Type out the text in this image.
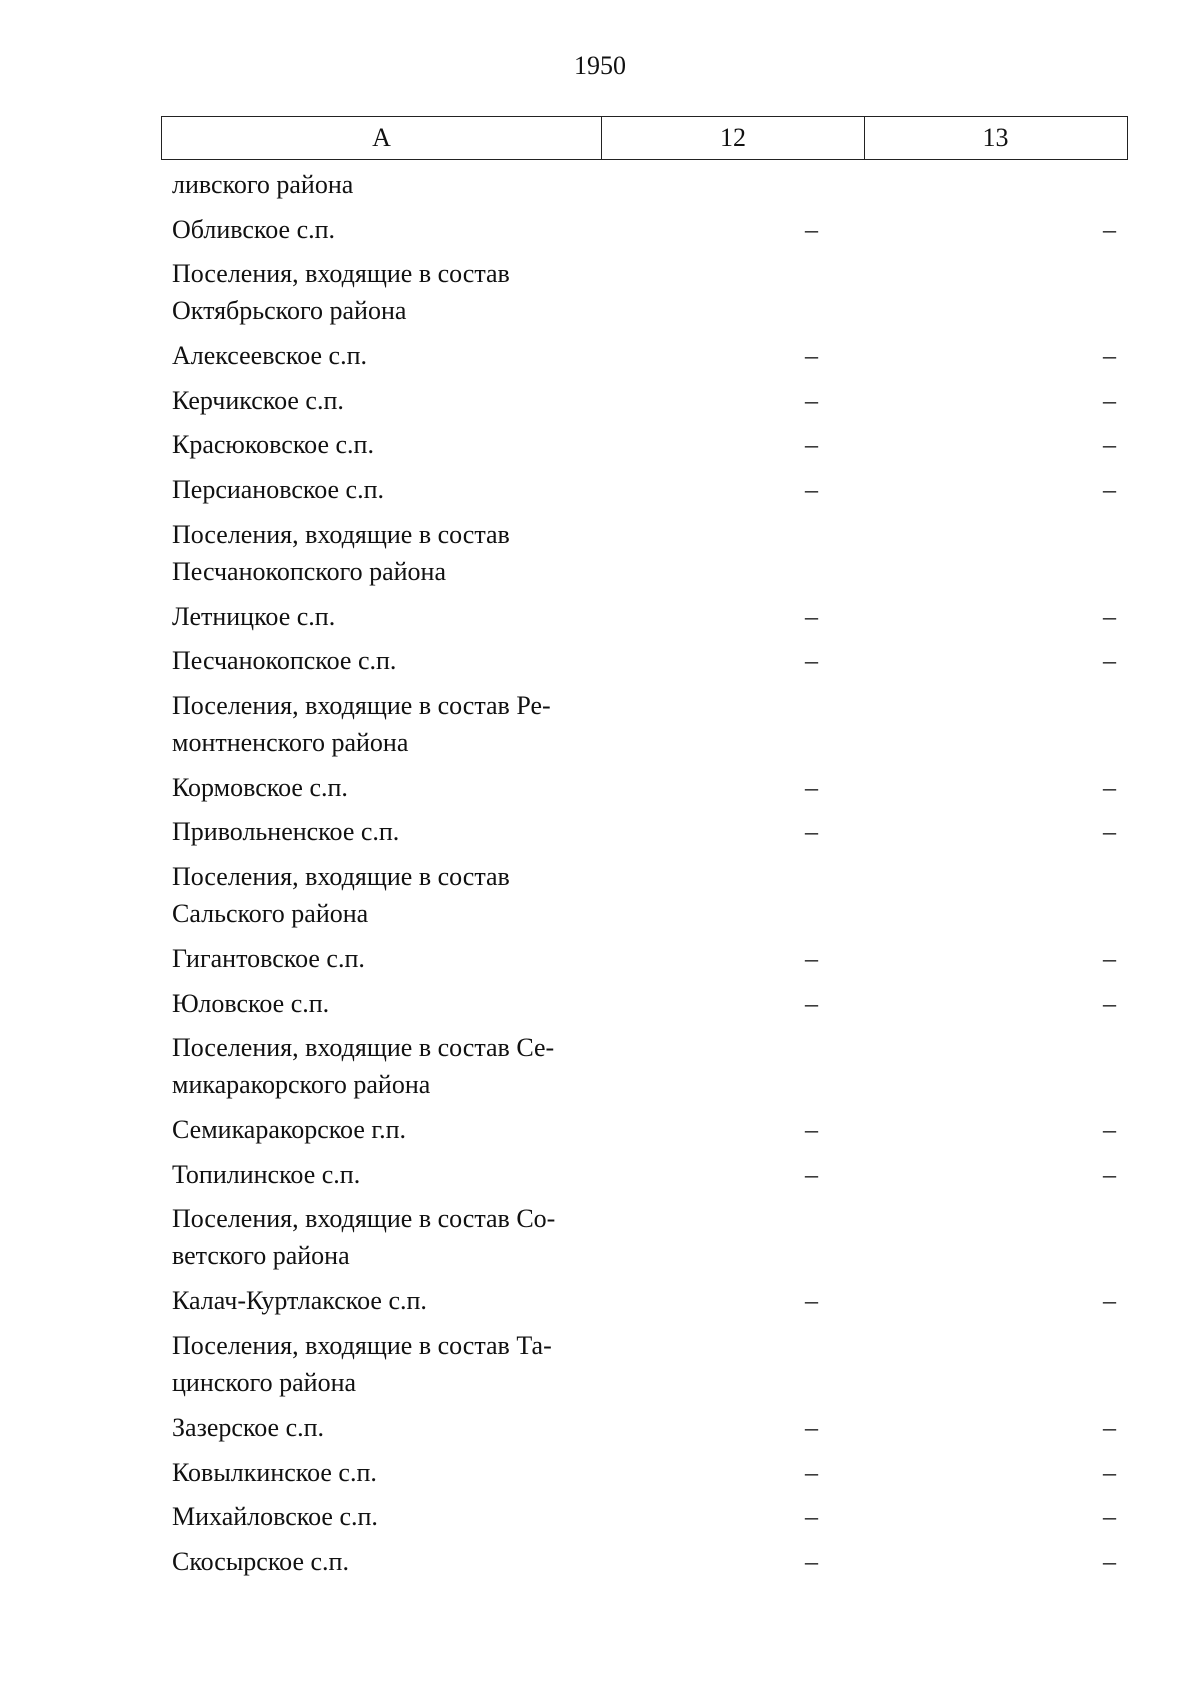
1950
А	12	13
ливского района
Обливское с.п.	–	–
Поселения, входящие в состав Октябрьского района
Алексеевское с.п.	–	–
Керчикское с.п.	–	–
Красюковское с.п.	–	–
Персиановское с.п.	–	–
Поселения, входящие в состав Песчанокопского района
Летницкое с.п.	–	–
Песчанокопское с.п.	–	–
Поселения, входящие в состав Ре-монтненского района
Кормовское с.п.	–	–
Привольненское с.п.	–	–
Поселения, входящие в состав Сальского района
Гигантовское с.п.	–	–
Юловское с.п.	–	–
Поселения, входящие в состав Се-микаракорского района
Семикаракорское г.п.	–	–
Топилинское с.п.	–	–
Поселения, входящие в состав Со-ветского района
Калач-Куртлакское с.п.	–	–
Поселения, входящие в состав Та-цинского района
Зазерское с.п.	–	–
Ковылкинское с.п.	–	–
Михайловское с.п.	–	–
Скосырское с.п.	–	–
